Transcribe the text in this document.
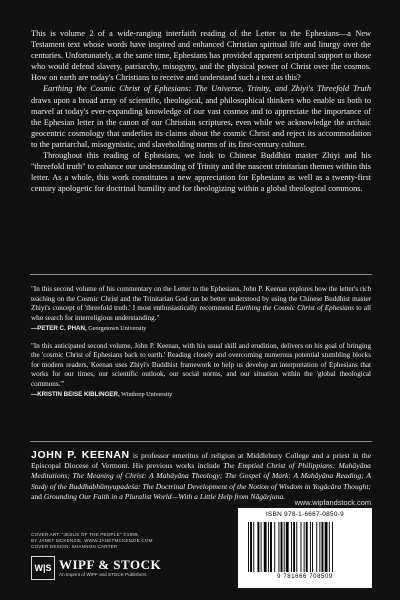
This is volume 2 of a wide-ranging interfaith reading of the Letter to the Ephesians—a New Testament text whose words have inspired and enhanced Christian spiritual life and liturgy over the centuries. Unfortunately, at the same time, Ephesians has provided apparent scriptural support to those who would defend slavery, patriarchy, misogyny, and the physical power of Christ over the cosmos. How on earth are today's Christians to receive and understand such a text as this?

Earthing the Cosmic Christ of Ephesians: The Universe, Trinity, and Zhiyi's Threefold Truth draws upon a broad array of scientific, theological, and philosophical thinkers who enable us both to marvel at today's ever-expanding knowledge of our vast cosmos and to appreciate the importance of the Ephesian letter in the canon of our Christian scriptures, even while we acknowledge the archaic geocentric cosmology that underlies its claims about the cosmic Christ and reject its accommodation to the patriarchal, misogynistic, and slaveholding norms of its first-century culture.

Throughout this reading of Ephesians, we look to Chinese Buddhist master Zhiyi and his "threefold truth" to enhance our understanding of Trinity and the nascent trinitarian themes within this letter. As a whole, this work constitutes a new appreciation for Ephesians as well as a twenty-first century apologetic for doctrinal humility and for theologizing within a global theological commons.

"In this second volume of his commentary on the Letter to the Ephesians, John P. Keenan explores how the letter's rich teaching on the Cosmic Christ and the Trinitarian God can be better understood by using the Chinese Buddhist master Zhiyi's concept of 'threefold truth.' I most enthusiastically recommend Earthing the Cosmic Christ of Ephesians to all who search for interreligious understanding."
—PETER C. PHAN, Georgetown University
"In this anticipated second volume, John P. Keenan, with his usual skill and erudition, delivers on his goal of bringing the 'cosmic Christ of Ephesians back to earth.' Reading closely and overcoming numerous potential stumbling blocks for modern readers, Keenan uses Zhiyi's Buddhist framework to help us develop an interpretation of Ephesians that works for our times, our scientific outlook, our social norms, and our situation within the 'global theological commons.'"
—KRISTIN BEISE KIBLINGER, Winthrop University
JOHN P. KEENAN is professor emeritus of religion at Middlebury College and a priest in the Episcopal Diocese of Vermont. His previous works include The Emptied Christ of Philippians: Mahāyāna Meditations; The Meaning of Christ: A Mahāyāna Theology; The Gospel of Mark: A Mahāyāna Reading; A Study of the Buddhabhūmyupadeśa: The Doctrinal Development of the Notion of Wisdom in Yogācāra Thought; and Grounding Our Faith in a Pluralist World—With a Little Help from Nāgārjuna.
www.wipfandstock.com
COVER ART: "JESUS OF THE PEOPLE" ©1999,
BY JANET MCKENZIE, WWW.JANETMCKENZIE.COM
COVER DESIGN: SHANNON CARTER
W|S WIPF & STOCK
An Imprint of WIPF and STOCK Publishers
ISBN 978-1-6667-0850-9
9 781666 708509
